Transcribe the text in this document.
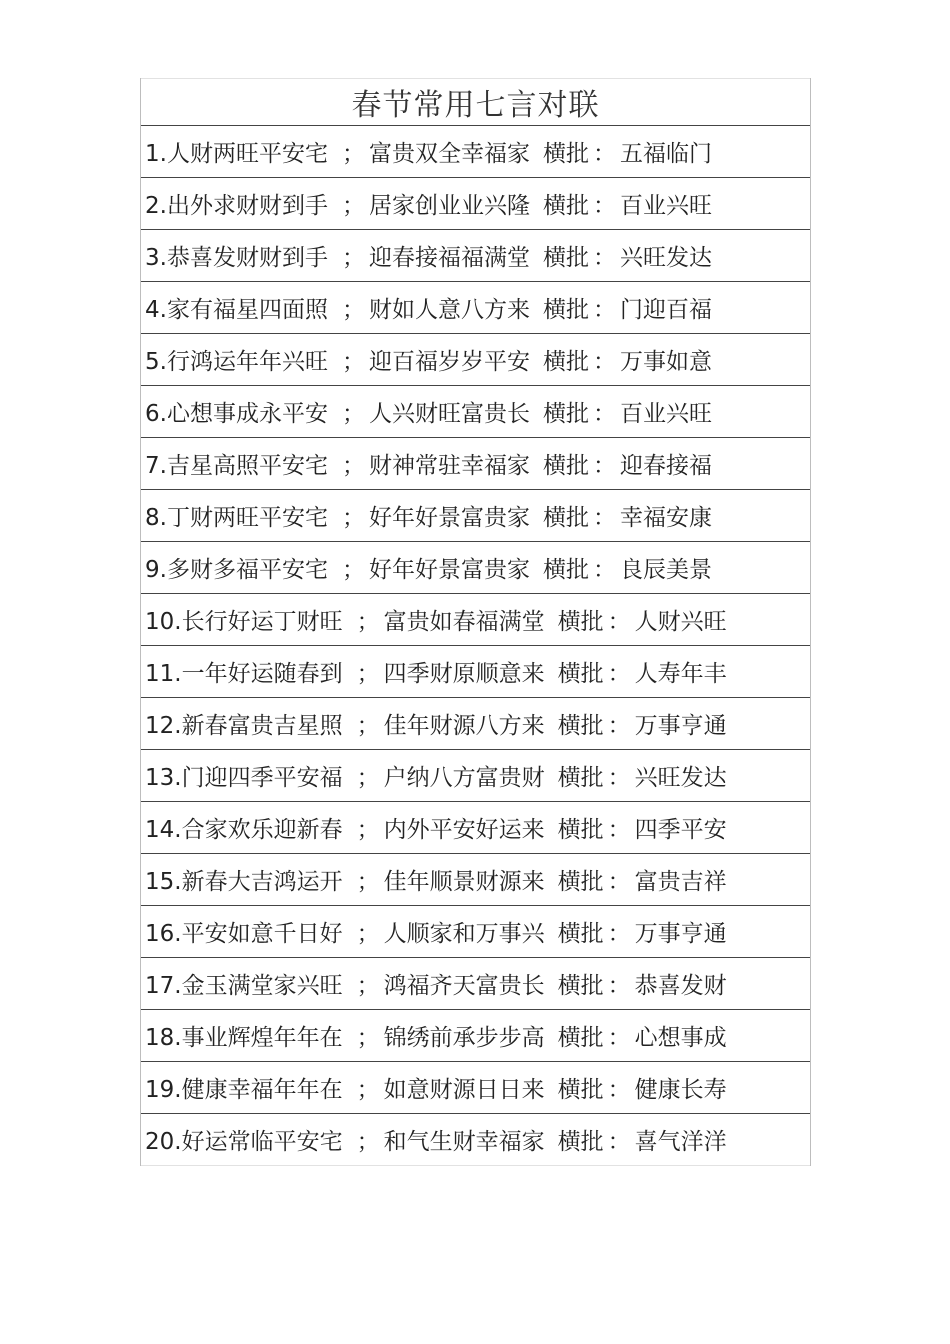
春节常用七言对联
1.人财两旺平安宅 ； 富贵双全幸福家 横批 ： 五福临门
2.出外求财财到手 ； 居家创业业兴隆 横批 ： 百业兴旺
3.恭喜发财财到手 ； 迎春接福福满堂 横批 ： 兴旺发达
4.家有福星四面照 ； 财如人意八方来 横批 ： 门迎百福
5.行鸿运年年兴旺 ； 迎百福岁岁平安 横批 ： 万事如意
6.心想事成永平安 ； 人兴财旺富贵长 横批 ： 百业兴旺
7.吉星高照平安宅 ； 财神常驻幸福家 横批 ： 迎春接福
8.丁财两旺平安宅 ； 好年好景富贵家 横批 ： 幸福安康
9.多财多福平安宅 ； 好年好景富贵家 横批 ： 良辰美景
10.长行好运丁财旺 ； 富贵如春福满堂 横批 ： 人财兴旺
11.一年好运随春到 ； 四季财原顺意来 横批 ： 人寿年丰
12.新春富贵吉星照 ； 佳年财源八方来 横批 ： 万事亨通
13.门迎四季平安福 ； 户纳八方富贵财 横批 ： 兴旺发达
14.合家欢乐迎新春 ； 内外平安好运来 横批 ： 四季平安
15.新春大吉鸿运开 ； 佳年顺景财源来 横批 ： 富贵吉祥
16.平安如意千日好 ； 人顺家和万事兴 横批 ： 万事亨通
17.金玉满堂家兴旺 ； 鸿福齐天富贵长 横批 ： 恭喜发财
18.事业辉煌年年在 ； 锦绣前承步步高 横批 ： 心想事成
19.健康幸福年年在 ； 如意财源日日来 横批 ： 健康长寿
20.好运常临平安宅 ； 和气生财幸福家 横批 ： 喜气洋洋
